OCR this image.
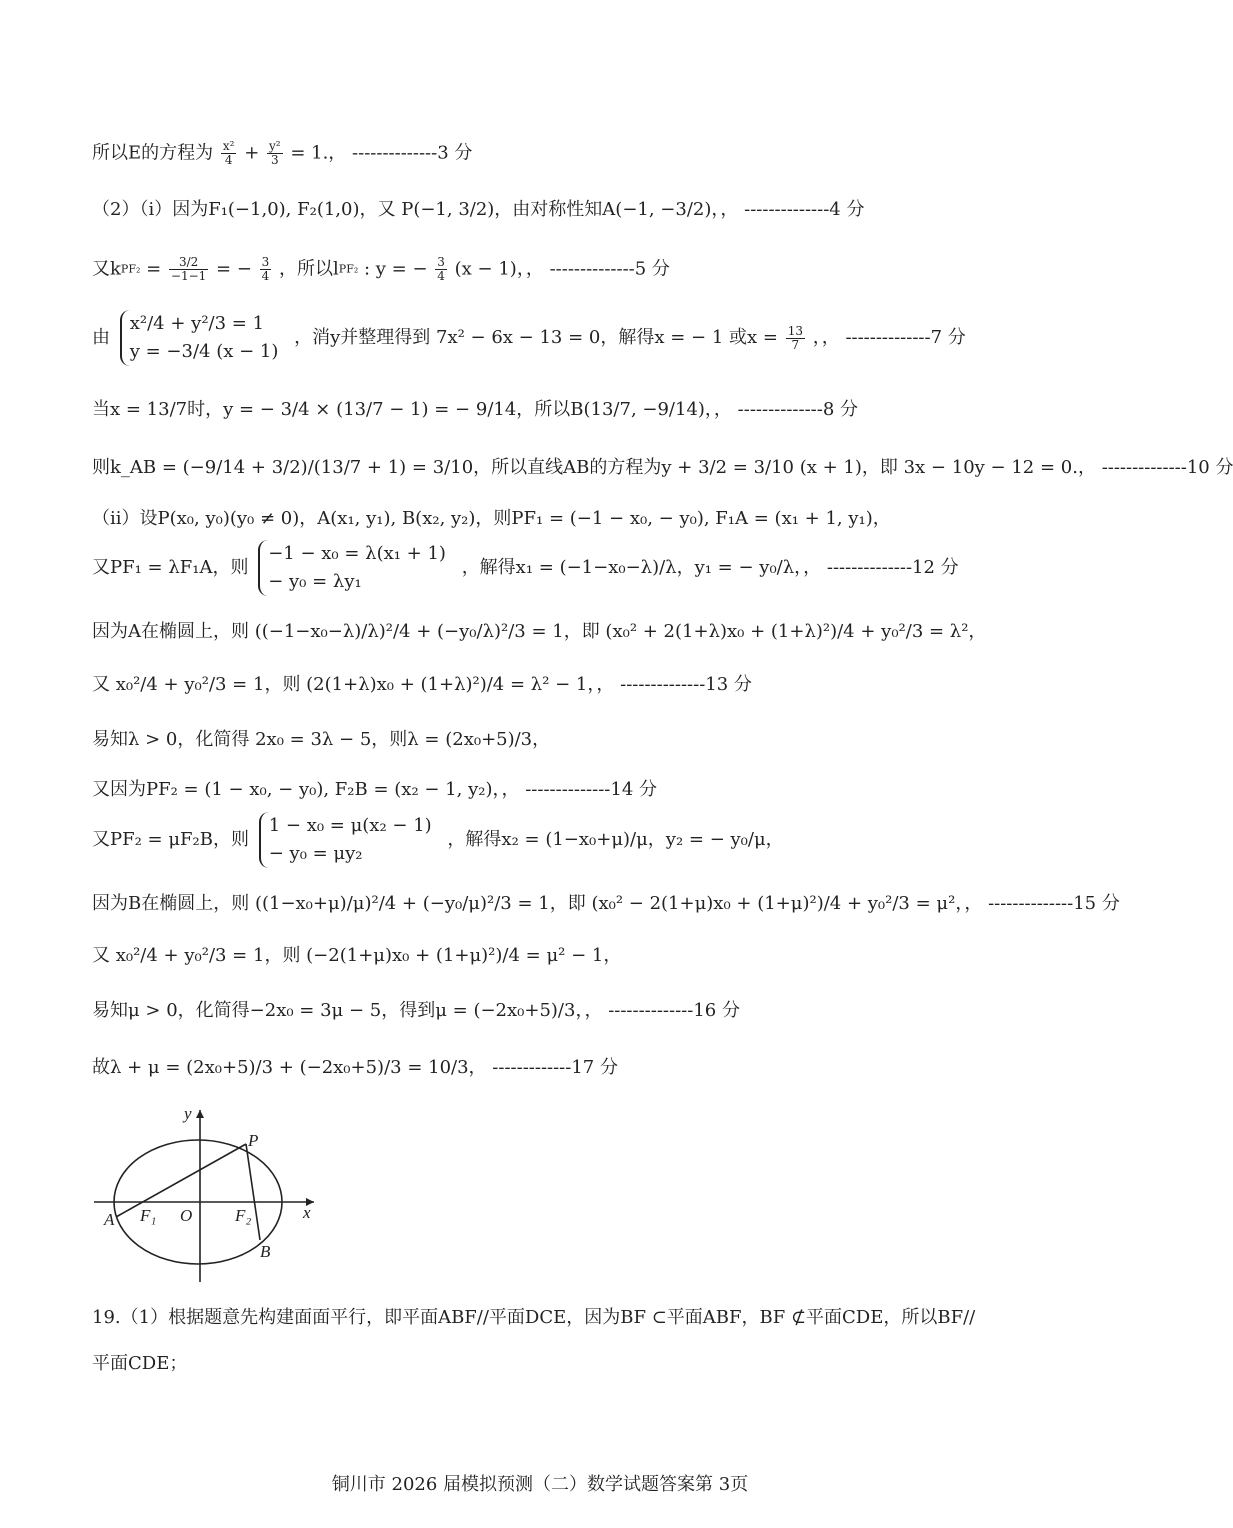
所以E的方程为 $\frac{\text{x²}}{4} + \frac{\text{y²}}{3} = 1$.， --------------3 分
（2）（i）因为F₁(−1,0), F₂(1,0)，又 P(−1, 3/2)，由对称性知A(−1, −3/2)，， --------------4 分
又$kPF_2 = \frac{3/2}{-1-1}$ = − $\frac{3}{4}$ ，所以lPF₂ : y = − $\frac{3}{4} (x - 1)$，， --------------5 分
由
x²/4 + y²/3 = 1
y = −3/4 (x − 1)
，消y并整理得到 7x² − 6x − 13 = 0，解得x = − 1 或$x = \frac{13}{7}$ ，， --------------7 分
当x = 13/7时，y = − 3/4 × (13/7 − 1) = − 9/14，所以B(13/7, −9/14)，， --------------8 分
则k_AB = (−9/14 + 3/2)/(13/7 + 1) = 3/10，所以直线AB的方程为y + 3/2 = 3/10 (x + 1)，即 3x − 10y − 12 = 0.， --------------10 分
（ii）设P(x₀, y₀)(y₀ ≠ 0)，A(x₁, y₁), B(x₂, y₂)，则PF₁ = (−1 − x₀, − y₀), F₁A = (x₁ + 1, y₁)，
又PF₁ = λF₁A，则
−1 − x₀ = λ(x₁ + 1)
− y₀ = λy₁
，解得x₁ = (−1−x₀−λ)/λ，y₁ = − y₀/λ，， --------------12 分
因为A在椭圆上，则 ((−1−x₀−λ)/λ)²/4 + (−y₀/λ)²/3 = 1，即 (x₀² + 2(1+λ)x₀ + (1+λ)²)/4 + y₀²/3 = λ²，
又 x₀²/4 + y₀²/3 = 1，则 (2(1+λ)x₀ + (1+λ)²)/4 = λ² − 1，， --------------13 分
易知λ > 0，化简得 2x₀ = 3λ − 5，则λ = (2x₀+5)/3，
又因为PF₂ = (1 − x₀, − y₀), F₂B = (x₂ − 1, y₂)，， --------------14 分
又PF₂ = μF₂B，则
1 − x₀ = μ(x₂ − 1)
− y₀ = μy₂
，解得x₂ = (1−x₀+μ)/μ，y₂ = − y₀/μ，
因为B在椭圆上，则 ((1−x₀+μ)/μ)²/4 + (−y₀/μ)²/3 = 1，即 (x₀² − 2(1+μ)x₀ + (1+μ)²)/4 + y₀²/3 = μ²，， --------------15 分
又 x₀²/4 + y₀²/3 = 1，则 (−2(1+μ)x₀ + (1+μ)²)/4 = μ² − 1，
易知μ > 0，化简得−2x₀ = 3μ − 5，得到μ = (−2x₀+5)/3，， --------------16 分
故λ + μ = (2x₀+5)/3 + (−2x₀+5)/3 = 10/3， -------------17 分
y
x
P
A F₁ O	F₂
B
19.（1）根据题意先构建面面平行，即平面ABF//平面DCE，因为BF ⊂平面ABF，BF ⊄平面CDE，所以BF//
平面CDE；
铜川市 2026 届模拟预测（二）数学试题答案第 3页
